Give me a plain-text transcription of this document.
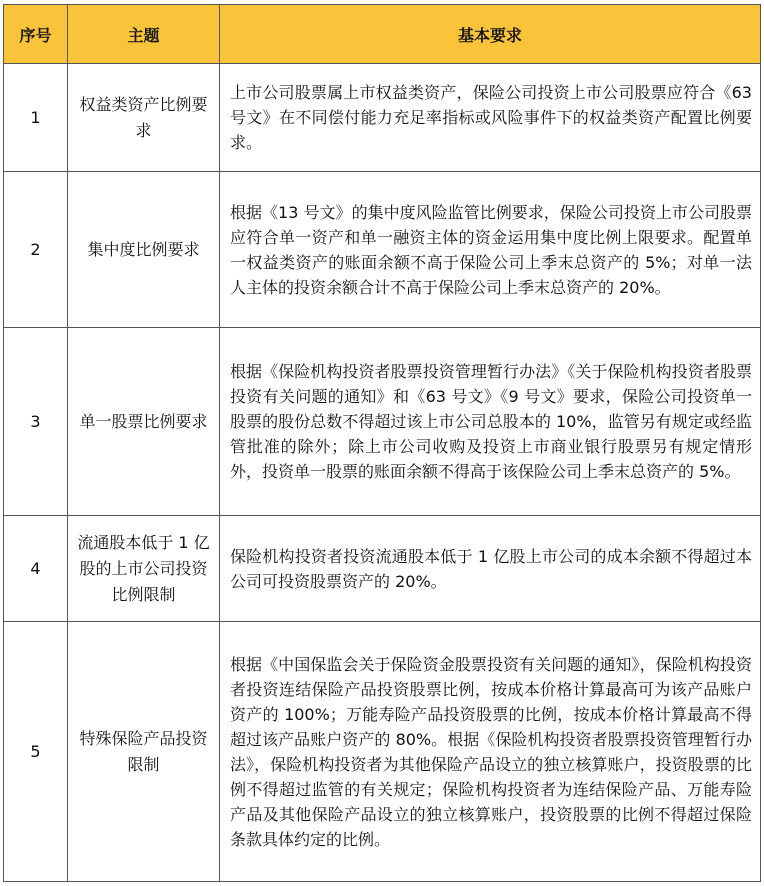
序号	主题	基本要求
1	权益类资产比例要求	上市公司股票属上市权益类资产，保险公司投资上市公司股票应符合《63 号文》在不同偿付能力充足率指标或风险事件下的权益类资产配置比例要求。
2	集中度比例要求	根据《13 号文》的集中度风险监管比例要求，保险公司投资上市公司股票应符合单一资产和单一融资主体的资金运用集中度比例上限要求。配置单一权益类资产的账面余额不高于保险公司上季末总资产的 5%；对单一法人主体的投资余额合计不高于保险公司上季末总资产的 20%。
3	单一股票比例要求	根据《保险机构投资者股票投资管理暂行办法》《关于保险机构投资者股票投资有关问题的通知》和《63 号文》《9 号文》要求，保险公司投资单一股票的股份总数不得超过该上市公司总股本的 10%，监管另有规定或经监管批准的除外；除上市公司收购及投资上市商业银行股票另有规定情形外，投资单一股票的账面余额不得高于该保险公司上季末总资产的 5%。
4	流通股本低于 1 亿股的上市公司投资比例限制	保险机构投资者投资流通股本低于 1 亿股上市公司的成本余额不得超过本公司可投资股票资产的 20%。
5	特殊保险产品投资限制	根据《中国保监会关于保险资金股票投资有关问题的通知》，保险机构投资者投资连结保险产品投资股票比例，按成本价格计算最高可为该产品账户资产的 100%；万能寿险产品投资股票的比例，按成本价格计算最高不得超过该产品账户资产的 80%。根据《保险机构投资者股票投资管理暂行办法》，保险机构投资者为其他保险产品设立的独立核算账户，投资股票的比例不得超过监管的有关规定；保险机构投资者为连结保险产品、万能寿险产品及其他保险产品设立的独立核算账户，投资股票的比例不得超过保险条款具体约定的比例。
